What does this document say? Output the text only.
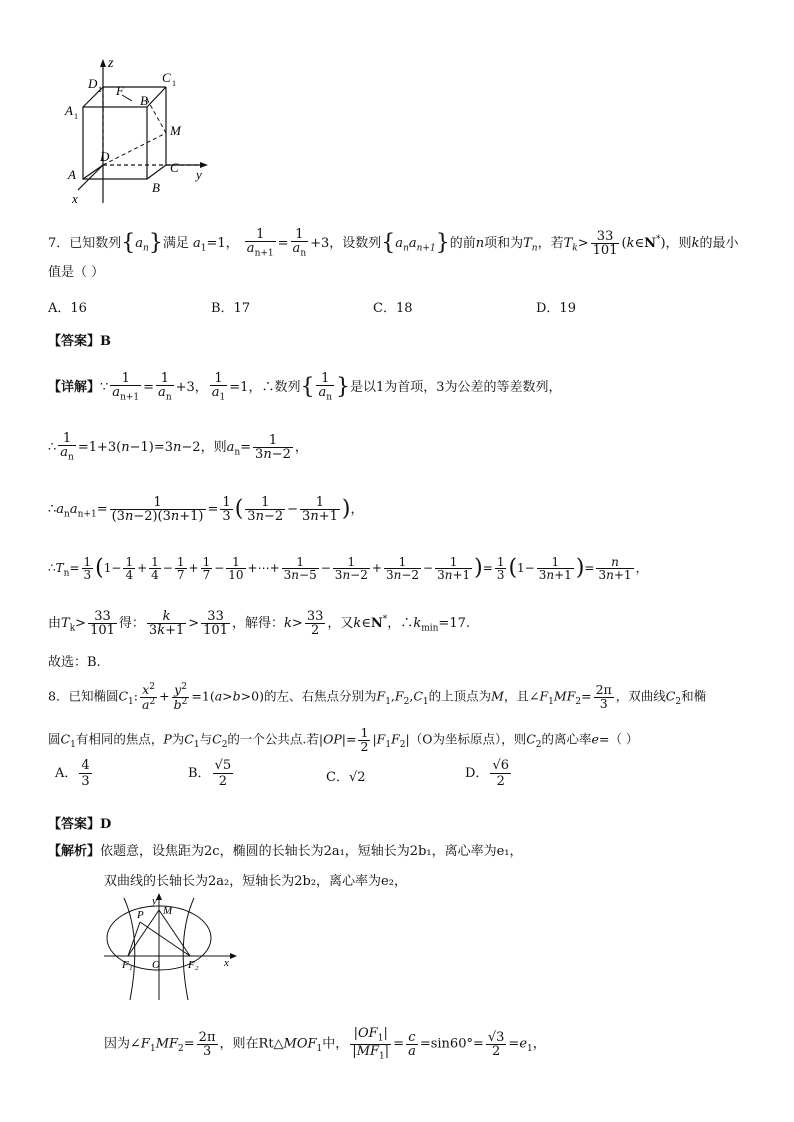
z
D 1
C 1
A 1
F
B
M
D
C y
A
B
x
7．已知数列$\{a_n\}$满足 $a_1=1$， $\frac{1}{a_{n+1}} = \frac{1}{a_n} +3$，设数列$\{a_na_{n+1}\}$的前n项和为$T_n$，若$T_k> \frac{33}{101}$ (k∈N*)，则k的最小
值是（ ）
A．16	B．17	C．18	D．19
【答案】B
【详解】∵ $\frac{1}{a_{n+1}} = \frac{1}{a_n} +3$， $\frac{1}{a_1} =1$，∴数列{ $\frac{1}{a_n}$ }是以1为首项，3为公差的等差数列，
∴ $\frac{1}{a_n} =1+3(n-1)=3n-2$，则$a_n= \frac{1}{3n-2}$ ，
$\therefore a_na_{n+1}= \frac{1}{(3n-2)(3n+1)} = \frac{1}{3}$ ( $\frac{1}{3n-2} - \frac{1}{3n+1}$ )，
$\therefore T_n= \frac{1}{3} (1- \frac{1}{4} + \frac{1}{4} - \frac{1}{7} + \frac{1}{7} - \frac{1}{10}$ +⋯+ $\frac{1}{3n-5} - \frac{1}{3n-2} + \frac{1}{3n-2} - \frac{1}{3n+1}$ )= $\frac{1}{3} (1- \frac{1}{3n+1}$ )= $\frac{n}{3n+1}$ ，
由$T_k> \frac{33}{101}$ 得： $\frac{k}{3k+1} > \frac{33}{101}$ ，解得：$k> \frac{33}{2}$ ，又k∈N*，$\therefore k_{min}=17$.
故选：B.
8．已知椭圆$C_1$: $\frac{x^2}{a^2} + \frac{y^2}{b^2} =1(a>b>0)$的左、右焦点分别为$F_1,F_2,C_1$的上顶点为M，且$\angle F_1MF_2= \frac{2\pi}{3}$ ，双曲线$C_2$和椭
圆$C_1$有相同的焦点，P为$C_1$与$C_2$的一个公共点.若$|OP|= \frac{1}{2} |F_1F_2|(O$为坐标原点），则$C_2$的离心率e=（ ）
A． $\frac{4}{3}$	B． $\frac{√5}{2}$	C．√2	D． $\frac{√6}{2}$
【答案】D
【解析】依题意，设焦距为2c，椭圆的长轴长为2a₁，短轴长为2b₁，离心率为e₁，
双曲线的长轴长为2a₂，短轴长为2b₂，离心率为e₂，
y
P M
F₁ O	F₂ x
因为$\angle F_1MF_2= \frac{2\pi}{3}$ ，则在$Rt\triangle MOF_1$中， $\frac{|OF_1|}{|MF_1|} = \frac{c}{a} =\sin 60^\circ= \frac{√3}{2} =e_1$，
